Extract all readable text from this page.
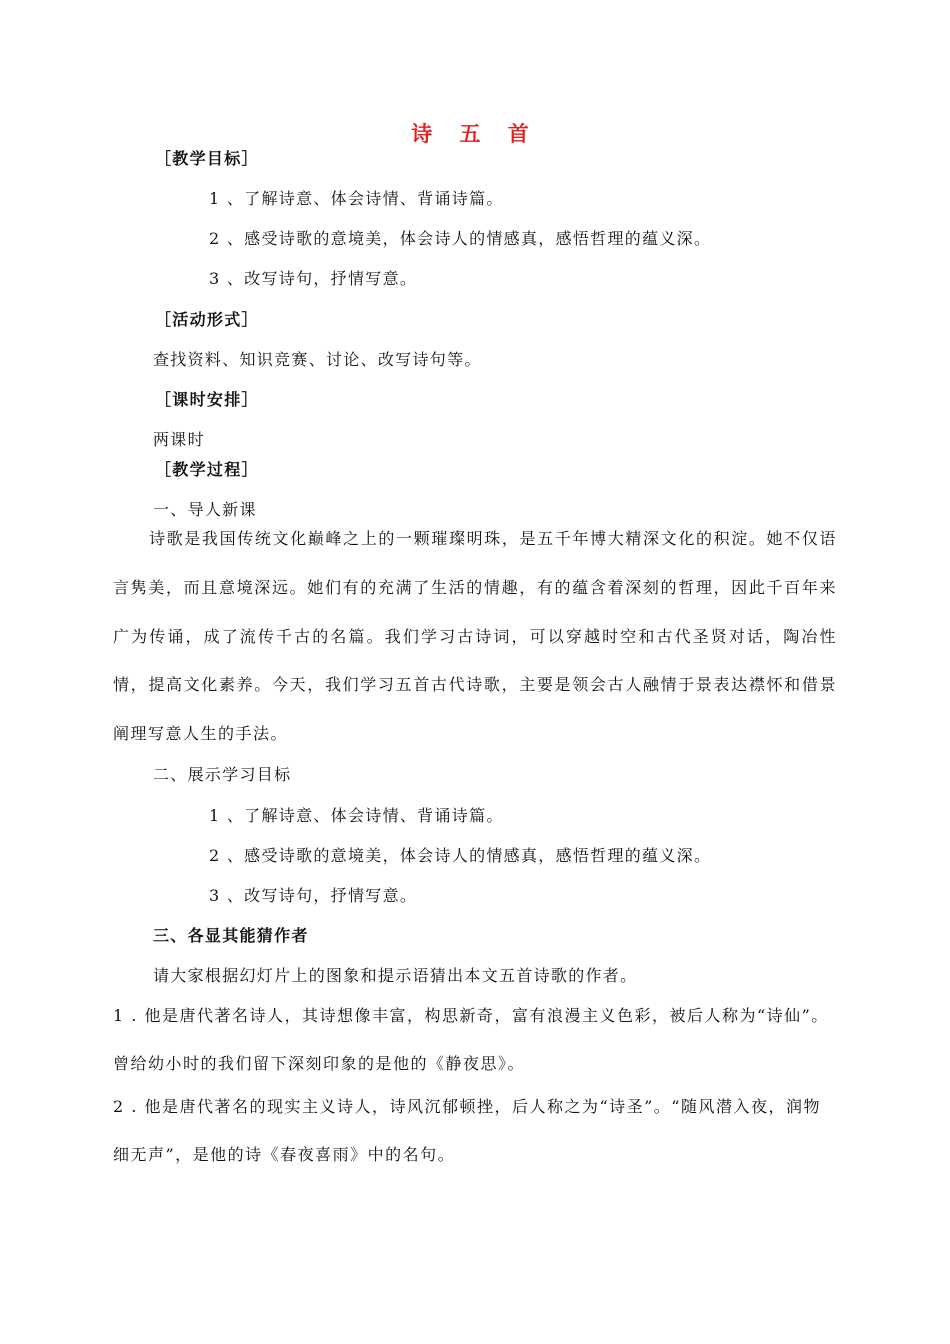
诗 五 首
［教学目标］
1 、了解诗意、体会诗情、背诵诗篇。
2 、感受诗歌的意境美，体会诗人的情感真，感悟哲理的蕴义深。
3 、改写诗句，抒情写意。
［活动形式］
查找资料、知识竞赛、讨论、改写诗句等。
［课时安排］
两课时
［教学过程］
一、导人新课
诗歌是我国传统文化巅峰之上的一颗璀璨明珠，是五千年博大精深文化的积淀。她不仅语言隽美，而且意境深远。她们有的充满了生活的情趣，有的蕴含着深刻的哲理，因此千百年来广为传诵，成了流传千古的名篇。我们学习古诗词，可以穿越时空和古代圣贤对话，陶冶性情，提高文化素养。今天，我们学习五首古代诗歌，主要是领会古人融情于景表达襟怀和借景阐理写意人生的手法。
二、展示学习目标
1 、了解诗意、体会诗情、背诵诗篇。
2 、感受诗歌的意境美，体会诗人的情感真，感悟哲理的蕴义深。
3 、改写诗句，抒情写意。
三、各显其能猜作者
请大家根据幻灯片上的图象和提示语猜出本文五首诗歌的作者。
1 . 他是唐代著名诗人，其诗想像丰富，构思新奇，富有浪漫主义色彩，被后人称为“诗仙”。曾给幼小时的我们留下深刻印象的是他的《静夜思》。
2 . 他是唐代著名的现实主义诗人，诗风沉郁顿挫，后人称之为“诗圣”。“随风潜入夜，润物细无声”，是他的诗《春夜喜雨》中的名句。
